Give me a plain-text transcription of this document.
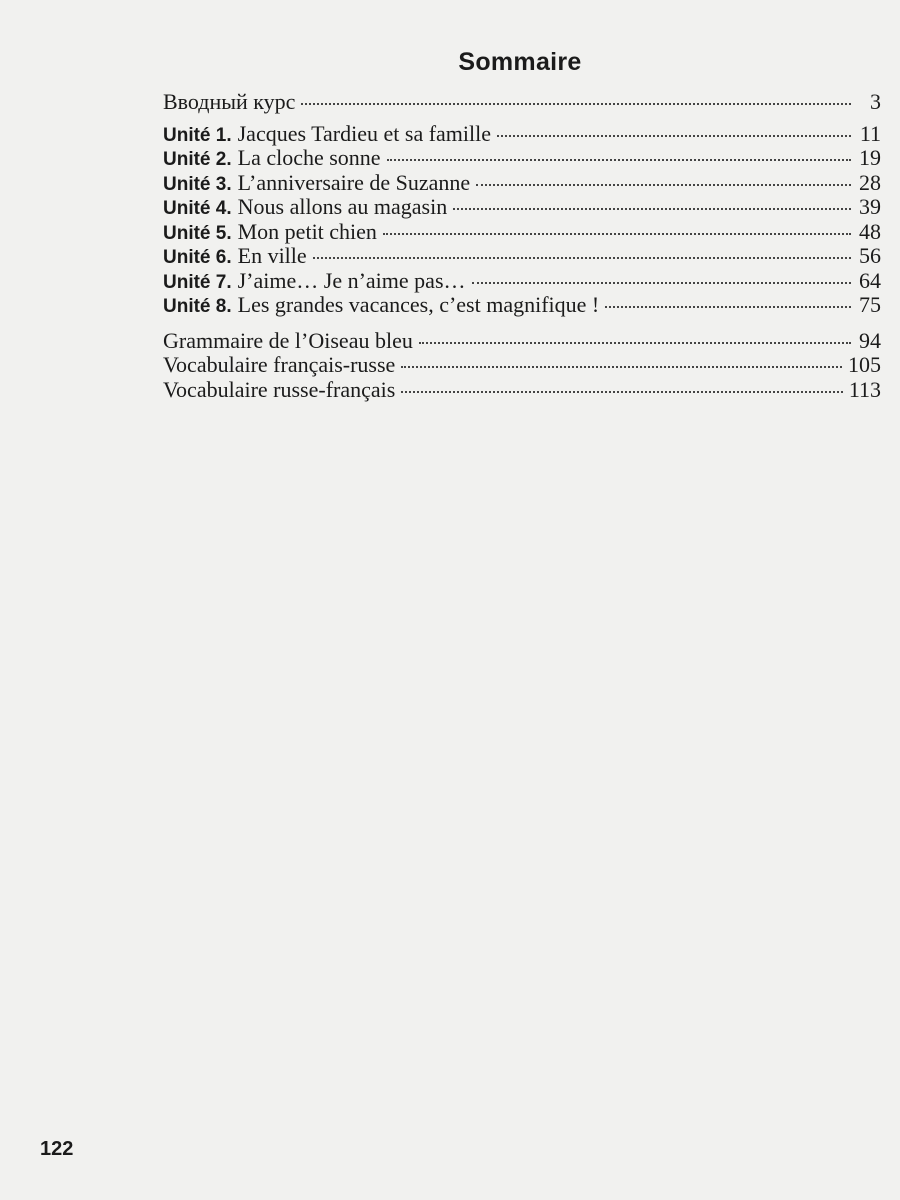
Sommaire
Вводный курс	3
Unité 1. Jacques Tardieu et sa famille	11
Unité 2. La cloche sonne	19
Unité 3. L’anniversaire de Suzanne	28
Unité 4. Nous allons au magasin	39
Unité 5. Mon petit chien	48
Unité 6. En ville	56
Unité 7. J’aime… Je n’aime pas…	64
Unité 8. Les grandes vacances, c’est magnifique !	75
Grammaire de l’Oiseau bleu	94
Vocabulaire français-russe	105
Vocabulaire russe-français	113
122
